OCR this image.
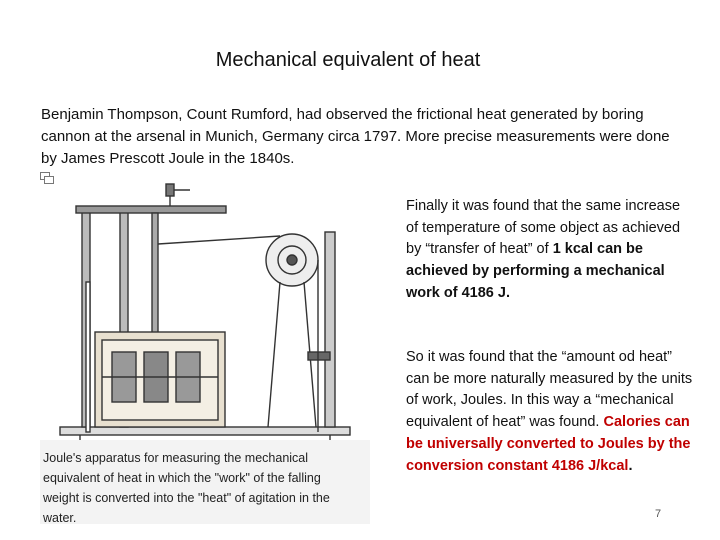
Mechanical equivalent of heat
Benjamin Thompson, Count Rumford, had observed the frictional heat generated by boring cannon at the arsenal in Munich, Germany circa 1797. More precise measurements were done by James Prescott Joule in the 1840s.
Joule's apparatus for measuring the mechanical equivalent of heat in which the "work" of the falling weight is converted into the "heat" of agitation in the water.
Finally it was found that the same increase of temperature of some object as achieved by “transfer of heat” of 1 kcal can be achieved by performing a mechanical work of 4186 J.
So it was found that the “amount od heat” can be more naturally measured by the units of work, Joules. In this way a “mechanical equivalent of heat” was found. Calories can be universally converted to Joules by the conversion constant 4186 J/kcal.
7
